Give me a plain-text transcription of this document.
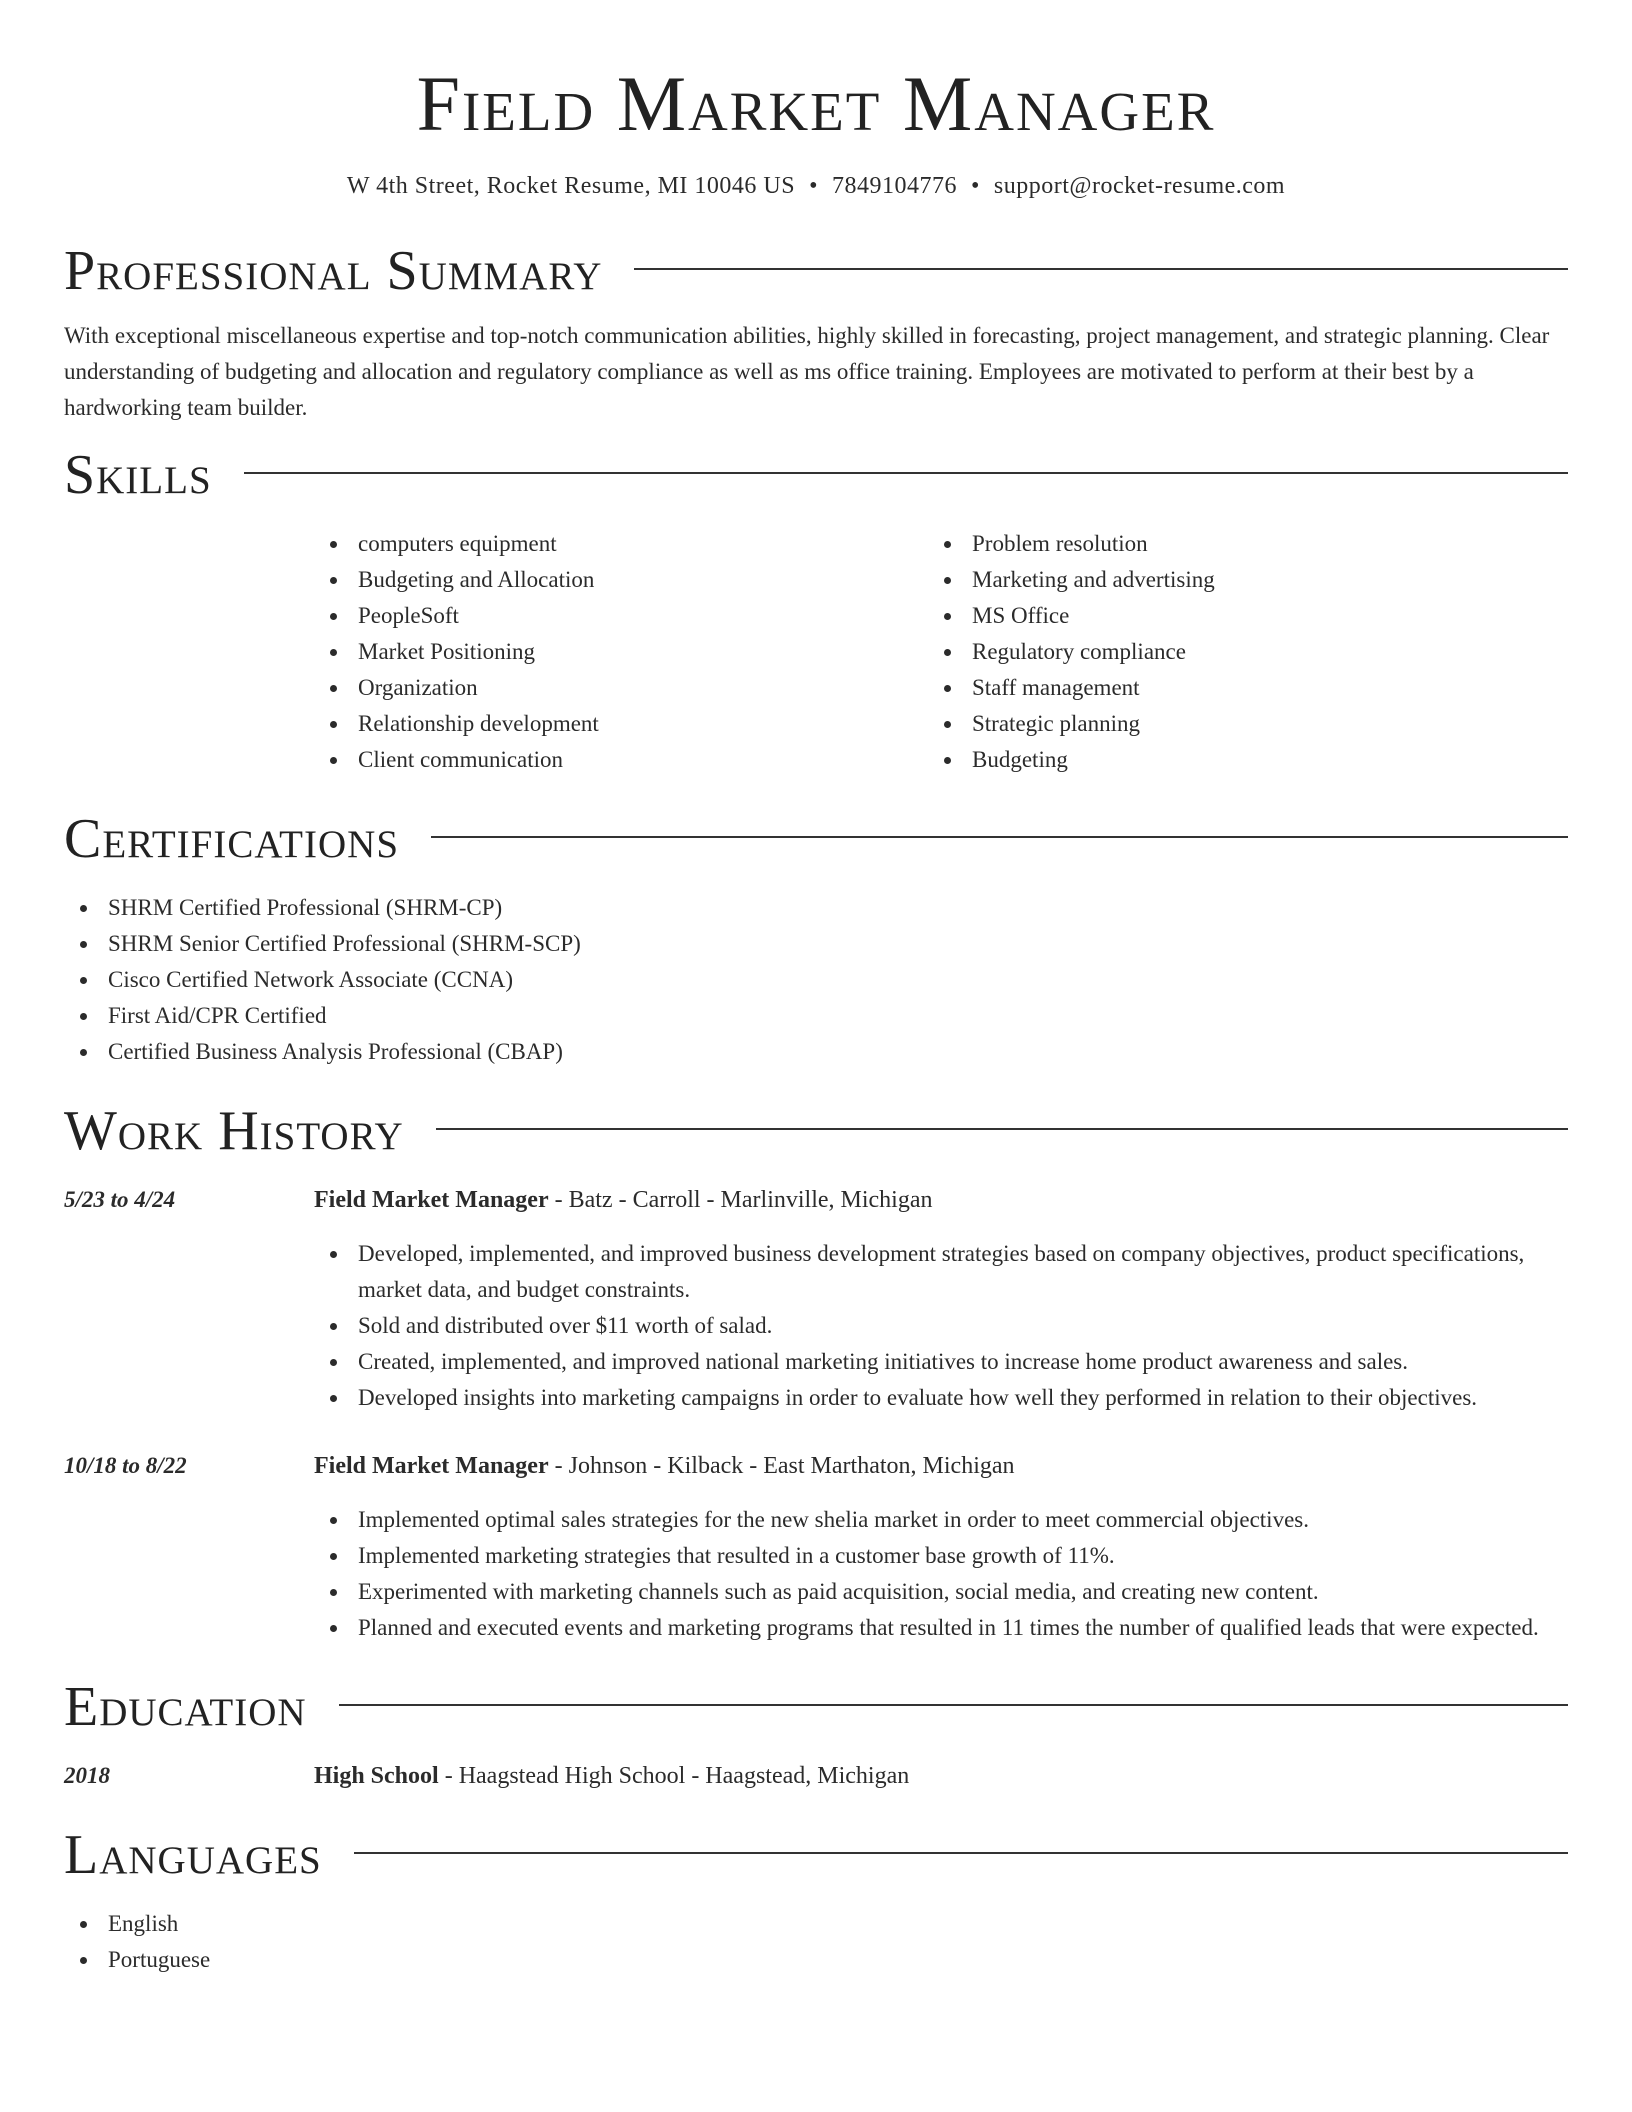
Field Market Manager
W 4th Street, Rocket Resume, MI 10046 US • 7849104776 • support@rocket-resume.com
Professional Summary

With exceptional miscellaneous expertise and top-notch communication abilities, highly skilled in forecasting, project management, and strategic planning. Clear understanding of budgeting and allocation and regulatory compliance as well as ms office training. Employees are motivated to perform at their best by a hardworking team builder.

Skills
computers equipment
Budgeting and Allocation
PeopleSoft
Market Positioning
Organization
Relationship development
Client communication
Problem resolution
Marketing and advertising
MS Office
Regulatory compliance
Staff management
Strategic planning
Budgeting
Certifications
SHRM Certified Professional (SHRM-CP)
SHRM Senior Certified Professional (SHRM-SCP)
Cisco Certified Network Associate (CCNA)
First Aid/CPR Certified
Certified Business Analysis Professional (CBAP)
Work History
5/23 to 4/24	Field Market Manager - Batz - Carroll - Marlinville, Michigan
Developed, implemented, and improved business development strategies based on company objectives, product specifications, market data, and budget constraints.
Sold and distributed over $11 worth of salad.
Created, implemented, and improved national marketing initiatives to increase home product awareness and sales.
Developed insights into marketing campaigns in order to evaluate how well they performed in relation to their objectives.
10/18 to 8/22	Field Market Manager - Johnson - Kilback - East Marthaton, Michigan
Implemented optimal sales strategies for the new shelia market in order to meet commercial objectives.
Implemented marketing strategies that resulted in a customer base growth of 11%.
Experimented with marketing channels such as paid acquisition, social media, and creating new content.
Planned and executed events and marketing programs that resulted in 11 times the number of qualified leads that were expected.
Education
2018	High School - Haagstead High School - Haagstead, Michigan
Languages
English
Portuguese
